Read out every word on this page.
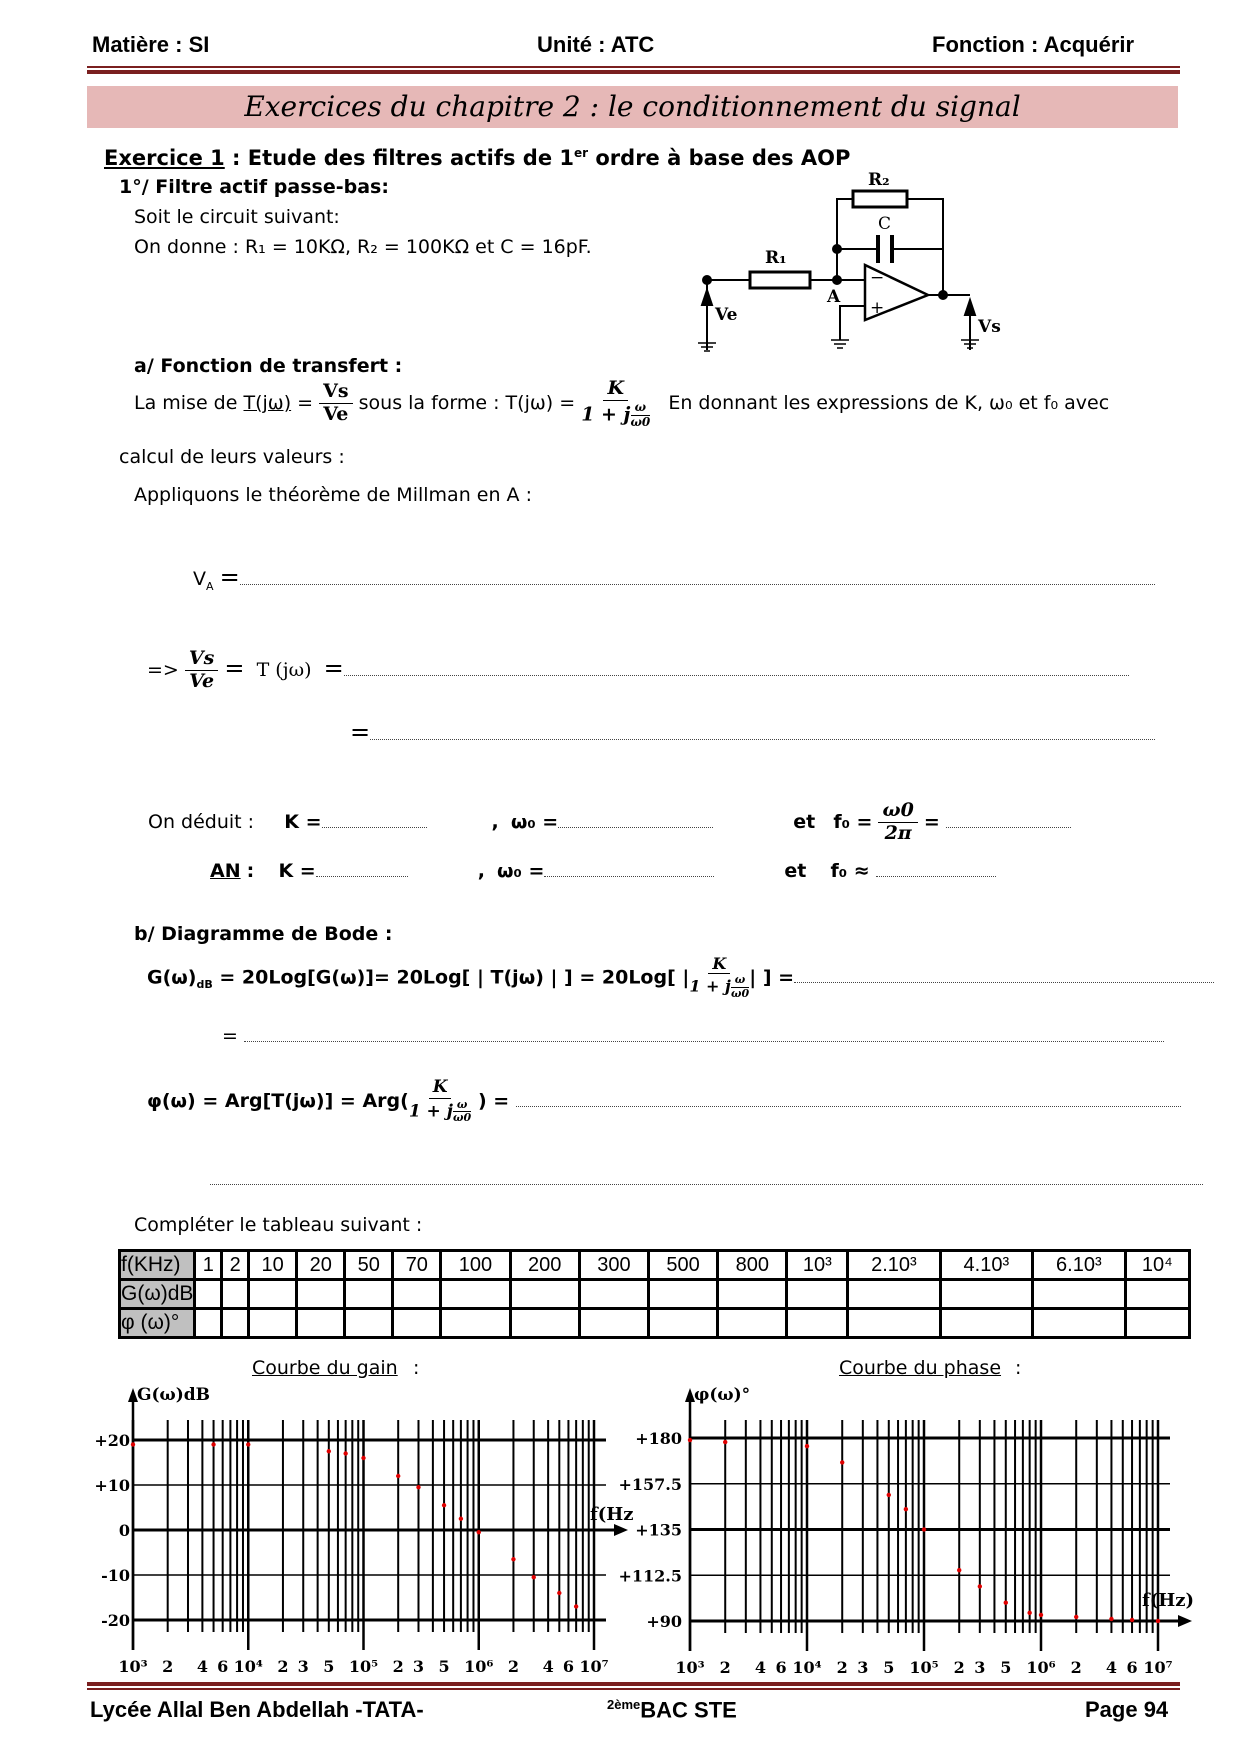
Matière : SI	Unité : ATC	Fonction : Acquérir
Exercices du chapitre 2 : le conditionnement du signal
Exercice 1 : Etude des filtres actifs de 1er ordre à base des AOP
1°/ Filtre actif passe-bas:
Soit le circuit suivant:
On donne : R₁ = 10KΩ, R₂ = 100KΩ et C = 16pF.	R₁
R₂
C
A
Ve
Vs
−
+
a/ Fonction de transfert :
La mise de $T(j\omega) = \frac{Vs}{Ve}$ sous la forme : $T(j\omega) = \frac{K}{1 + j \frac{\omega}{\omega 0}}$ En donnant les expressions de K, ω₀ et f₀ avec
calcul de leurs valeurs :
Appliquons le théorème de Millman en A :
$V_A$ =
=> $\frac{Vs}{Ve} = T$ (jω) =
=
On déduit : K =	, ω₀ =	et $f_0 = \frac{\omega 0}{2\pi}$ =
AN : K =	, ω₀ =	et f₀ ≈
b/ Diagramme de Bode :
$G(\omega)_{dB} = 20Log[G(\omega)]= 20Log$[ | T(jω) | ] = 20Log[ | $\frac{K}{1 + j \frac{\omega}{\omega 0}}$ | ] =
=
$\varphi(\omega) = Arg[T(j\omega)] = Arg( \frac{K}{1 + j \frac{\omega}{\omega 0}}$ ) =
Compléter le tableau suivant :
f(KHz)	1	2	10	20	50	70	100	200	300	500	800	10³	2.10³	4.10³	6.10³	10⁴
G(ω)dB																
φ (ω)°																
Courbe du gain :	Courbe du phase :
+20
+10
0
-10
-20
G(ω)dB
f(Hz
10³ 2 4 6 10⁴ 2 3 5 10⁵ 2 3 5 10⁶ 2 4 6 10⁷
+180
+157.5
+135
+112.5
+90
φ(ω)°
f(Hz)
10³ 2 4 6 10⁴ 2 3 5 10⁵ 2 3 5 10⁶ 2 4 6 10⁷
Lycée Allal Ben Abdellah -TATA-	$^{2ème}$BAC STE	Page 94
